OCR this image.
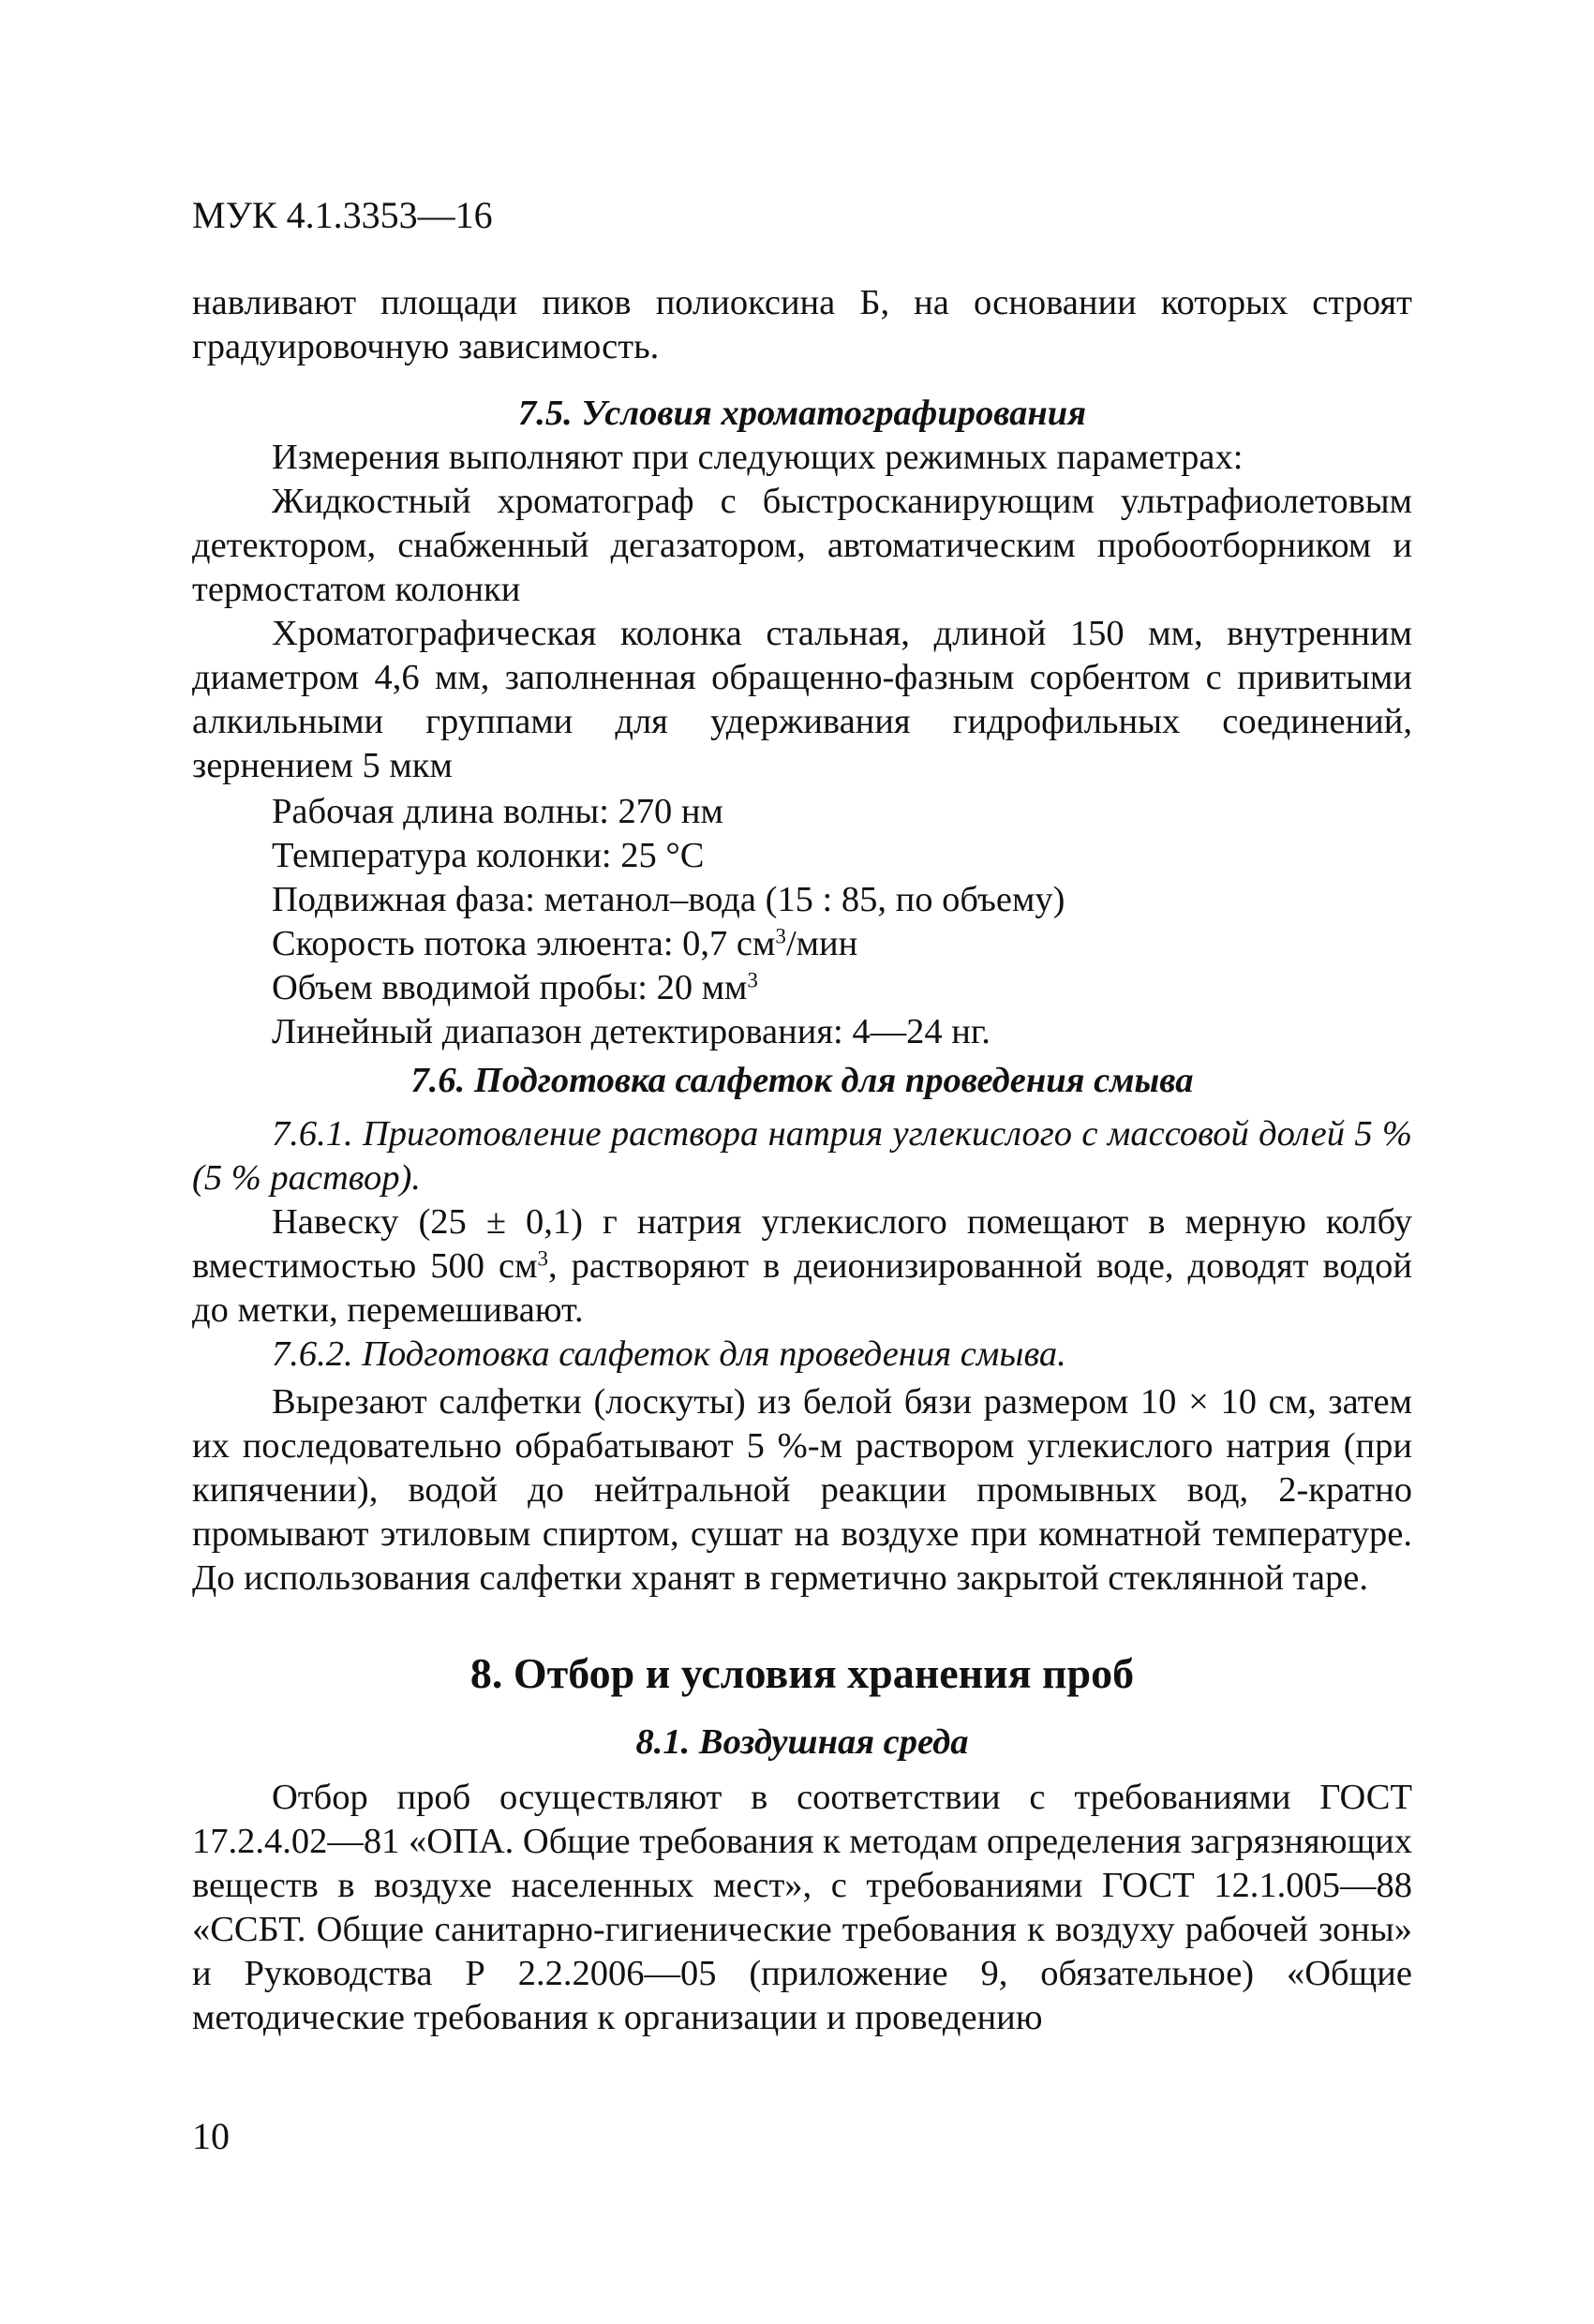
МУК 4.1.3353—16

навливают площади пиков полиоксина Б, на основании которых строят градуировочную зависимость.

7.5. Условия хроматографирования

Измерения выполняют при следующих режимных параметрах:

Жидкостный хроматограф с быстросканирующим ультрафиолетовым детектором, снабженный дегазатором, автоматическим пробоотборником и термостатом колонки

Хроматографическая колонка стальная, длиной 150 мм, внутренним диаметром 4,6 мм, заполненная обращенно-фазным сорбентом с привитыми алкильными группами для удерживания гидрофильных соединений, зернением 5 мкм

Рабочая длина волны: 270 нм

Температура колонки: 25 °С

Подвижная фаза: метанол–вода (15 : 85, по объему)

Скорость потока элюента: 0,7 $см^3$/мин

Объем вводимой пробы: 20 $мм^3$

Линейный диапазон детектирования: 4—24 нг.

7.6. Подготовка салфеток для проведения смыва

7.6.1. Приготовление раствора натрия углекислого с массовой долей 5 % (5 % раствор).

Навеску (25 ± 0,1) г натрия углекислого помещают в мерную колбу вместимостью 500 $см^3$, растворяют в деионизированной воде, доводят водой до метки, перемешивают.

7.6.2. Подготовка салфеток для проведения смыва.

Вырезают салфетки (лоскуты) из белой бязи размером 10 × 10 см, затем их последовательно обрабатывают 5 %-м раствором углекислого натрия (при кипячении), водой до нейтральной реакции промывных вод, 2-кратно промывают этиловым спиртом, сушат на воздухе при комнатной температуре. До использования салфетки хранят в герметично закрытой стеклянной таре.

8. Отбор и условия хранения проб

8.1. Воздушная среда

Отбор проб осуществляют в соответствии с требованиями ГОСТ 17.2.4.02—81 «ОПА. Общие требования к методам определения загрязняющих веществ в воздухе населенных мест», с требованиями ГОСТ 12.1.005—88 «ССБТ. Общие санитарно-гигиенические требования к воздуху рабочей зоны» и Руководства Р 2.2.2006—05 (приложение 9, обязательное) «Общие методические требования к организации и проведению

10
